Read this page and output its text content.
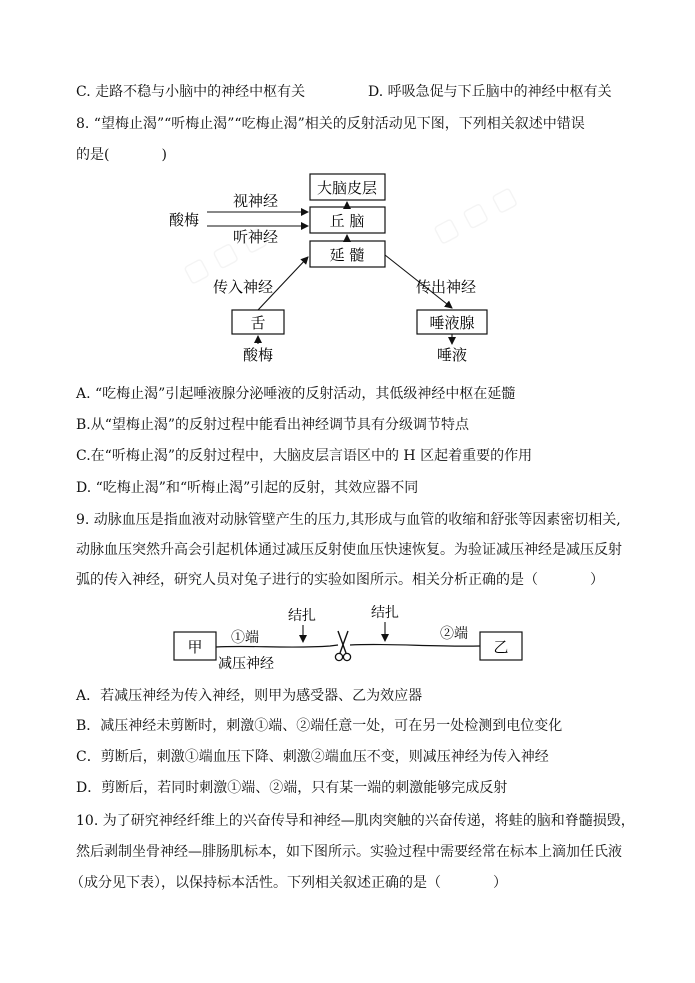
C. 走路不稳与小脑中的神经中枢有关	D. 呼吸急促与下丘脑中的神经中枢有关
8. “望梅止渴”“听梅止渴”“吃梅止渴”相关的反射活动见下图，下列相关叙述中错误
的是(	)
大脑皮层
丘 脑
延 髓
舌	唾液腺
酸梅
视神经
听神经
传入神经	传出神经
酸梅	唾液
甲	乙
①端	②端
结扎	结扎
减压神经
A. “吃梅止渴”引起唾液腺分泌唾液的反射活动，其低级神经中枢在延髓
B.从“望梅止渴”的反射过程中能看出神经调节具有分级调节特点
C.在“听梅止渴”的反射过程中，大脑皮层言语区中的 H 区起着重要的作用
D. “吃梅止渴”和“听梅止渴”引起的反射，其效应器不同
9. 动脉血压是指血液对动脉管壁产生的压力,其形成与血管的收缩和舒张等因素密切相关,
动脉血压突然升高会引起机体通过减压反射使血压快速恢复。为验证减压神经是减压反射
弧的传入神经，研究人员对兔子进行的实验如图所示。相关分析正确的是（	）
A．若减压神经为传入神经，则甲为感受器、乙为效应器
B．减压神经未剪断时，刺激①端、②端任意一处，可在另一处检测到电位变化
C．剪断后，刺激①端血压下降、刺激②端血压不变，则减压神经为传入神经
D．剪断后，若同时刺激①端、②端，只有某一端的刺激能够完成反射
10. 为了研究神经纤维上的兴奋传导和神经—肌肉突触的兴奋传递，将蛙的脑和脊髓损毁，
然后剥制坐骨神经—腓肠肌标本，如下图所示。实验过程中需要经常在标本上滴加任氏液
（成分见下表），以保持标本活性。下列相关叙述正确的是（	）
